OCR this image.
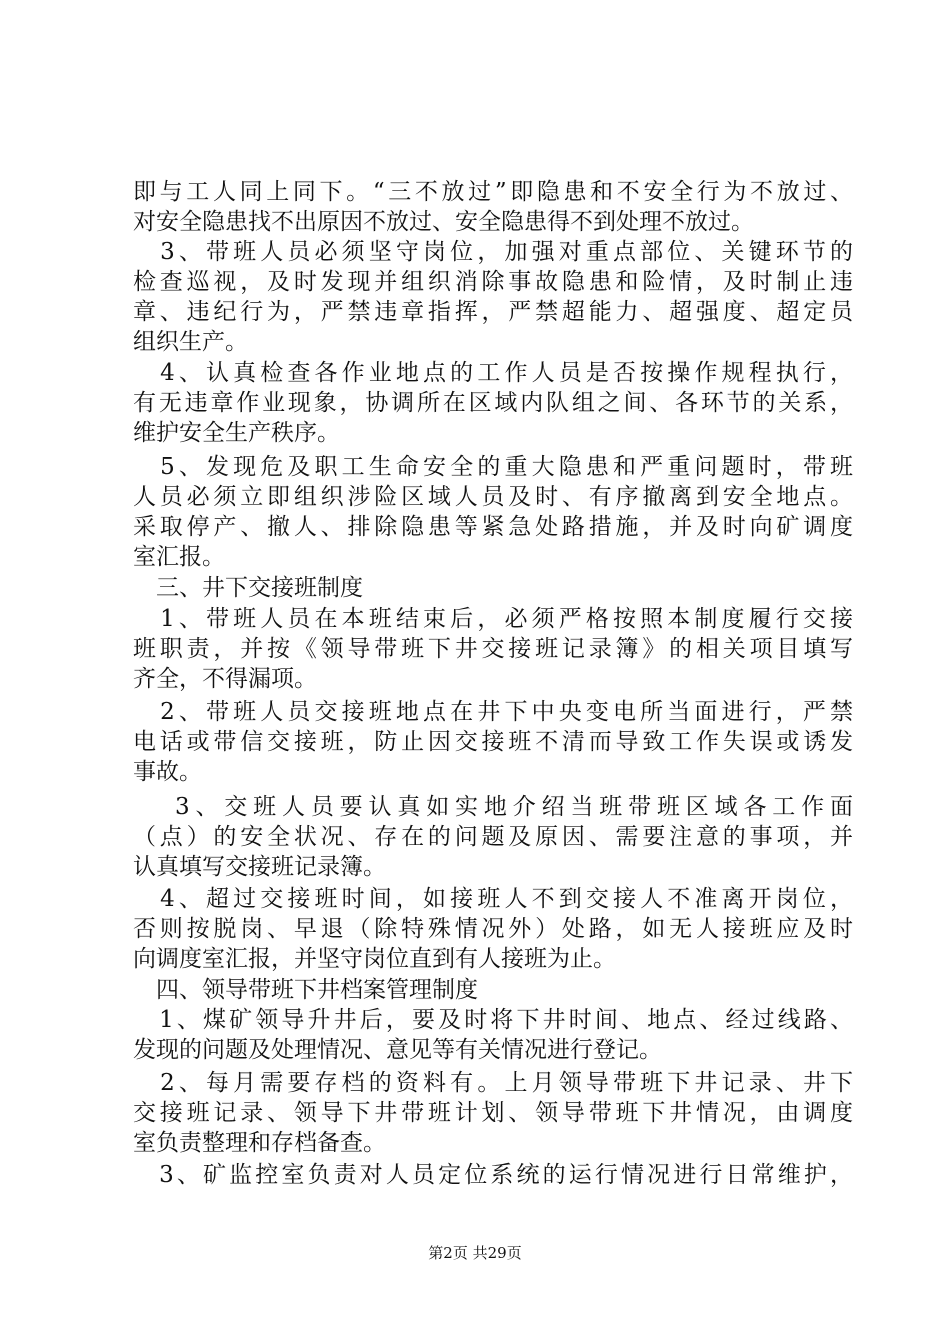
即与工人同上同下。“三不放过”即隐患和不安全行为不放过、
对安全隐患找不出原因不放过、安全隐患得不到处理不放过。
　3、带班人员必须坚守岗位，加强对重点部位、关键环节的
检查巡视，及时发现并组织消除事故隐患和险情，及时制止违
章、违纪行为，严禁违章指挥，严禁超能力、超强度、超定员
组织生产。
　4、认真检查各作业地点的工作人员是否按操作规程执行，
有无违章作业现象，协调所在区域内队组之间、各环节的关系，
维护安全生产秩序。
　5、发现危及职工生命安全的重大隐患和严重问题时，带班
人员必须立即组织涉险区域人员及时、有序撤离到安全地点。
采取停产、撤人、排除隐患等紧急处路措施，并及时向矿调度
室汇报。
　三、井下交接班制度
　1、带班人员在本班结束后，必须严格按照本制度履行交接
班职责，并按《领导带班下井交接班记录簿》的相关项目填写
齐全，不得漏项。
　2、带班人员交接班地点在井下中央变电所当面进行，严禁
电话或带信交接班，防止因交接班不清而导致工作失误或诱发
事故。
　 3、交班人员要认真如实地介绍当班带班区域各工作面
（点）的安全状况、存在的问题及原因、需要注意的事项，并
认真填写交接班记录簿。
　4、超过交接班时间，如接班人不到交接人不准离开岗位，
否则按脱岗、早退（除特殊情况外）处路，如无人接班应及时
向调度室汇报，并坚守岗位直到有人接班为止。
　四、领导带班下井档案管理制度
　1、煤矿领导升井后，要及时将下井时间、地点、经过线路、
发现的问题及处理情况、意见等有关情况进行登记。
　2、每月需要存档的资料有。上月领导带班下井记录、井下
交接班记录、领导下井带班计划、领导带班下井情况，由调度
室负责整理和存档备查。
　3、矿监控室负责对人员定位系统的运行情况进行日常维护，
第2页 共29页
